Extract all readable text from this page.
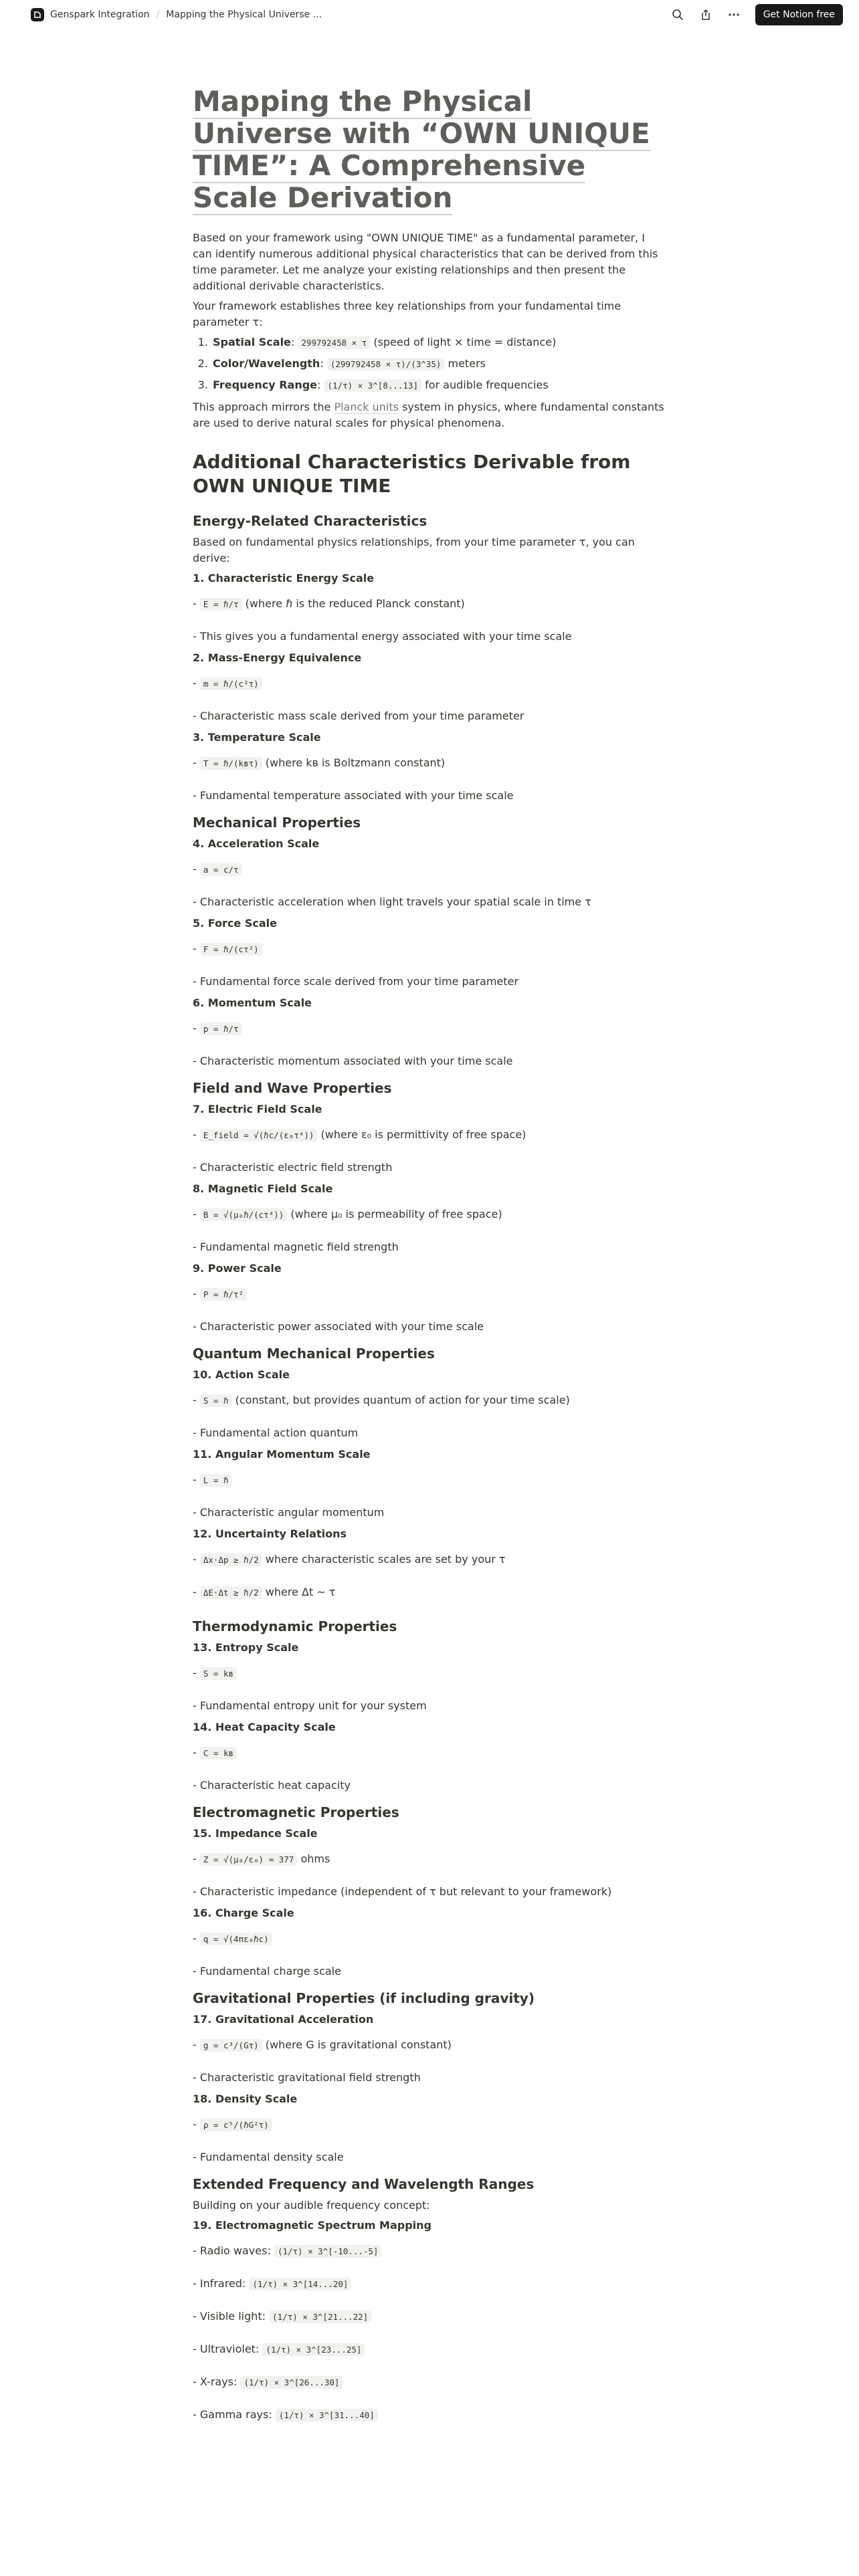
Genspark Integration / Mapping the Physical Universe ...	Get Notion free
Mapping the Physical Universe with “OWN UNIQUE TIME”: A Comprehensive Scale Derivation

Based on your framework using "OWN UNIQUE TIME" as a fundamental parameter, I can identify numerous additional physical characteristics that can be derived from this time parameter. Let me analyze your existing relationships and then present the additional derivable characteristics.

Your framework establishes three key relationships from your fundamental time parameter τ:

1. Spatial Scale: 299792458 × τ (speed of light × time = distance)
2. Color/Wavelength: (299792458 × τ)/(3^35) meters
3. Frequency Range: (1/τ) × 3^[8...13] for audible frequencies

This approach mirrors the Planck units system in physics, where fundamental constants are used to derive natural scales for physical phenomena.

Additional Characteristics Derivable from OWN UNIQUE TIME
Energy-Related Characteristics

Based on fundamental physics relationships, from your time parameter τ, you can derive:

1. Characteristic Energy Scale
- E = ℏ/τ (where ℏ is the reduced Planck constant)
- This gives you a fundamental energy associated with your time scale
2. Mass-Energy Equivalence
- m = ℏ/(c²τ)
- Characteristic mass scale derived from your time parameter
3. Temperature Scale
- T = ℏ/(kʙτ) (where kʙ is Boltzmann constant)
- Fundamental temperature associated with your time scale
Mechanical Properties
4. Acceleration Scale
- a = c/τ
- Characteristic acceleration when light travels your spatial scale in time τ
5. Force Scale
- F = ℏ/(cτ²)
- Fundamental force scale derived from your time parameter
6. Momentum Scale
- p = ℏ/τ
- Characteristic momentum associated with your time scale
Field and Wave Properties
7. Electric Field Scale
- E_field = √(ℏc/(ε₀τ⁴)) (where ε₀ is permittivity of free space)
- Characteristic electric field strength
8. Magnetic Field Scale
- B = √(μ₀ℏ/(cτ⁴)) (where μ₀ is permeability of free space)
- Fundamental magnetic field strength
9. Power Scale
- P = ℏ/τ²
- Characteristic power associated with your time scale
Quantum Mechanical Properties
10. Action Scale
- S = ℏ (constant, but provides quantum of action for your time scale)
- Fundamental action quantum
11. Angular Momentum Scale
- L = ℏ
- Characteristic angular momentum
12. Uncertainty Relations
- Δx·Δp ≥ ℏ/2 where characteristic scales are set by your τ
- ΔE·Δt ≥ ℏ/2 where Δt ~ τ
Thermodynamic Properties
13. Entropy Scale
- S = kʙ
- Fundamental entropy unit for your system
14. Heat Capacity Scale
- C = kʙ
- Characteristic heat capacity
Electromagnetic Properties
15. Impedance Scale
- Z = √(μ₀/ε₀) ≈ 377 ohms
- Characteristic impedance (independent of τ but relevant to your framework)
16. Charge Scale
- q = √(4πε₀ℏc)
- Fundamental charge scale
Gravitational Properties (if including gravity)
17. Gravitational Acceleration
- g = c³/(Gτ) (where G is gravitational constant)
- Characteristic gravitational field strength
18. Density Scale
- ρ = c⁵/(ℏG²τ)
- Fundamental density scale
Extended Frequency and Wavelength Ranges

Building on your audible frequency concept:

19. Electromagnetic Spectrum Mapping
- Radio waves: (1/τ) × 3^[-10...-5]
- Infrared: (1/τ) × 3^[14...20]
- Visible light: (1/τ) × 3^[21...22]
- Ultraviolet: (1/τ) × 3^[23...25]
- X-rays: (1/τ) × 3^[26...30]
- Gamma rays: (1/τ) × 3^[31...40]
